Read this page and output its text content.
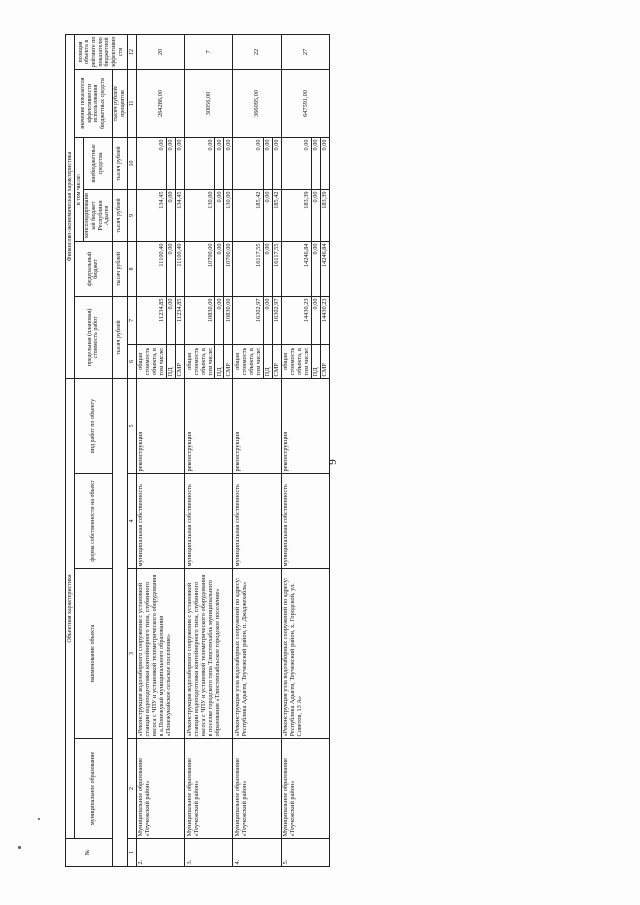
9
№	Объектная характеристика				Финансово-экономическая характеристика						
	муниципальное образование	наименование объекта	форма собственности на объект	вид работ по объекту	предельная (плановая) стоимость работ		федеральный бюджет	в том числе:		значение показателя эффективности использования бюджетных средств	позиция объекта в рейтинге по показателю бюджетной эффективности
								консолидированный бюджет Республики Адыгея	внебюджетные средства		
					тысяч рублей		тысяч рублей	тысяч рублей	тысяч рублей	тысяч рублей/ процентов	
1	2	3	4	5	6	7	8	9	10	11	12
2.	Муниципальное образование «Теучежский район»	«Реконструкция водозаборного сооружения с установкой станции водоподготовки контейнерного типа, глубинного насоса с ЧПУ и установкой телеметрического оборудования в а.Понежукай муниципального образования «Понежукайское сельское поселение»	муниципальная собственность	реконструкция	общая стоимость объекта, в том числе:	11234,85	11100,40	134,45	0,00	264286,00	20
					ПД	0,00	0,00	0,00	0,00		
					СМР	11234,85	11100,40	134,45	0,00		
3.	Муниципальное образование «Теучежский район»	«Реконструкция водозаборного сооружения с установкой станции водоподготовки контейнерного типа, глубинного насоса с ЧПУ и установкой телеметрического оборудования в поселке городского типа Тлюстенхабль муниципального образования «Тлюстенхабльское городское поселение»	муниципальная собственность	реконструкция	общая стоимость объекта, в том числе:	10830,00	10700,00	130,00	0,00	30056,00	7
					ПД	0,00	0,00	0,00	0,00		
					СМР	10830,00	10700,00	130,00	0,00		
4.	Муниципальное образование «Теучежский район»	«Реконструкция узла водозаборных сооружений по адресу: Республика Адыгея, Теучежский район, п. Джаджехабль»	муниципальная собственность	реконструкция	общая стоимость объекта, в том числе:	16302,97	16117,55	185,42	0,00	366095,00	22
					ПД	0,00	0,00	0,00	0,00		
					СМР	16302,97	16117,55	185,42	0,00		
5.	Муниципальное образование «Теучежский район»	«Реконструкция узла водозаборных сооружений по адресу: Республика Адыгея, Теучежский район, х. Городской, ул. Советов, 13 А»	муниципальная собственность	реконструкция	общая стоимость объекта, в том числе:	14430,23	14246,84	183,39	0,00	647591,00	27
					ПД	0,00	0,00	0,00	0,00		
					СМР	14430,23	14246,84	183,39	0,00		
